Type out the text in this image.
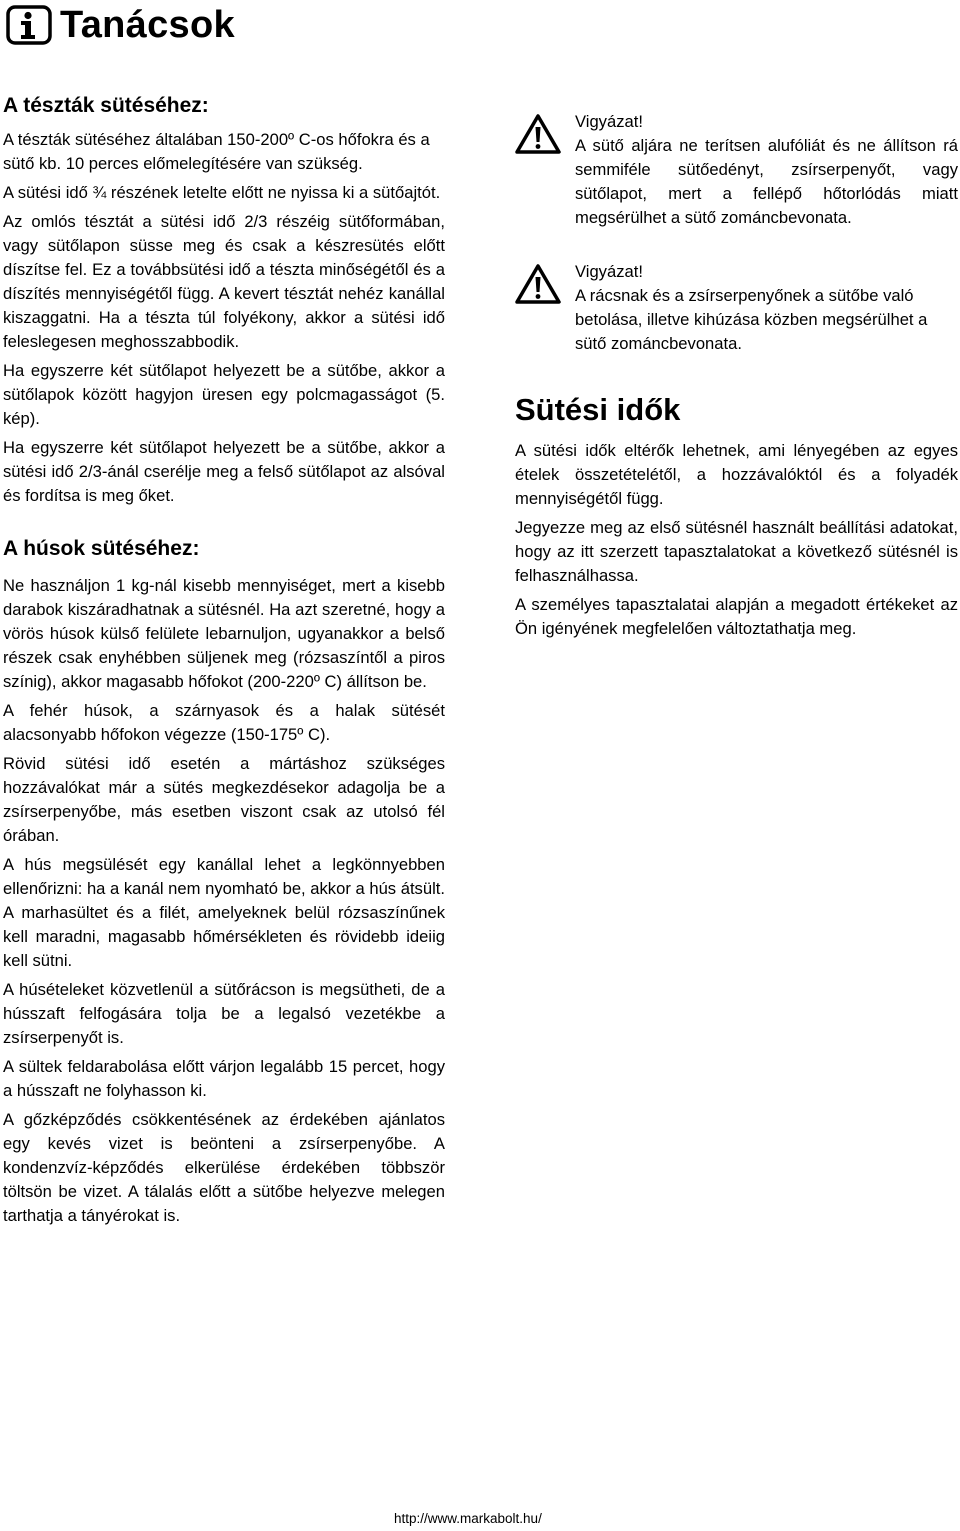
Tanácsok
A tészták sütéséhez:

A tészták sütéséhez általában 150-200º C-os hőfokra és a sütő kb. 10 perces előmelegítésére van szükség.

A sütési idő ¾ részének letelte előtt ne nyissa ki a sütőajtót.

Az omlós tésztát a sütési idő 2/3 részéig sütőformában, vagy sütőlapon süsse meg és csak a készresütés előtt díszítse fel. Ez a továbbsütési idő a tészta minőségétől és a díszítés mennyiségétől függ. A kevert tésztát nehéz kanállal kiszaggatni. Ha a tészta túl folyékony, akkor a sütési idő feleslegesen meghosszabbodik.

Ha egyszerre két sütőlapot helyezett be a sütőbe, akkor a sütőlapok között hagyjon üresen egy polcmagasságot (5. kép).

Ha egyszerre két sütőlapot helyezett be a sütőbe, akkor a sütési idő 2/3-ánál cserélje meg a felső sütőlapot az alsóval és fordítsa is meg őket.

A húsok sütéséhez:

Ne használjon 1 kg-nál kisebb mennyiséget, mert a kisebb darabok kiszáradhatnak a sütésnél. Ha azt szeretné, hogy a vörös húsok külső felülete lebarnuljon, ugyanakkor a belső részek csak enyhébben süljenek meg (rózsaszíntől a piros színig), akkor magasabb hőfokot (200-220º C) állítson be.

A fehér húsok, a szárnyasok és a halak sütését alacsonyabb hőfokon végezze (150-175º C).

Rövid sütési idő esetén a mártáshoz szükséges hozzávalókat már a sütés megkezdésekor adagolja be a zsírserpenyőbe, más esetben viszont csak az utolsó fél órában.

A hús megsülését egy kanállal lehet a legkönnyebben ellenőrizni: ha a kanál nem nyomható be, akkor a hús átsült. A marhasültet és a filét, amelyeknek belül rózsaszínűnek kell maradni, magasabb hőmérsékleten és rövidebb ideiig kell sütni.

A húsételeket közvetlenül a sütőrácson is megsütheti, de a hússzaft felfogására tolja be a legalsó vezetékbe a zsírserpenyőt is.

A sültek feldarabolása előtt várjon legalább 15 percet, hogy a hússzaft ne folyhasson ki.

A gőzképződés csökkentésének az érdekében ajánlatos egy kevés vizet is beönteni a zsírserpenyőbe. A kondenzvíz-képződés elkerülése érdekében többször töltsön be vizet. A tálalás előtt a sütőbe helyezve melegen tarthatja a tányérokat is.

Vigyázat!

A sütő aljára ne terítsen alufóliát és ne állítson rá semmiféle sütőedényt, zsírserpenyőt, vagy sütőlapot, mert a fellépő hőtorlódás miatt megsérülhet a sütő zománcbevonata.

Vigyázat!

A rácsnak és a zsírserpenyőnek a sütőbe való betolása, illetve kihúzása közben megsérülhet a sütő zománcbevonata.

Sütési idők

A sütési idők eltérők lehetnek, ami lényegében az egyes ételek összetételétől, a hozzávalóktól és a folyadék mennyiségétől függ.

Jegyezze meg az első sütésnél használt beállítási adatokat, hogy az itt szerzett tapasztalatokat a következő sütésnél is felhasználhassa.

A személyes tapasztalatai alapján a megadott értékeket az Ön igényének megfelelően változtathatja meg.

http://www.markabolt.hu/
